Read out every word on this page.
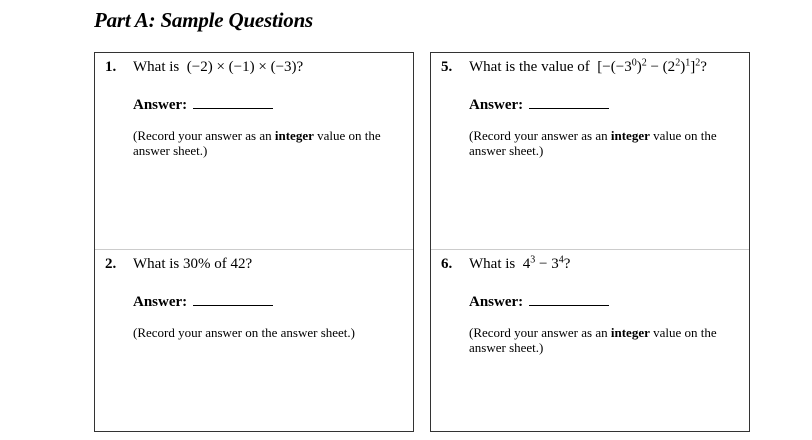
Part A: Sample Questions
1. What is  (−2) × (−1) × (−3)?
Answer:
(Record your answer as an integer value on the answer sheet.)
2. What is 30% of 42?
Answer:
(Record your answer on the answer sheet.)
5. What is the value of  $[-(-3^0)^2 - (2^2)^1]^2$?
Answer:
(Record your answer as an integer value on the answer sheet.)
6. What is  $4^3 - 3^4$?
Answer:
(Record your answer as an integer value on the answer sheet.)
